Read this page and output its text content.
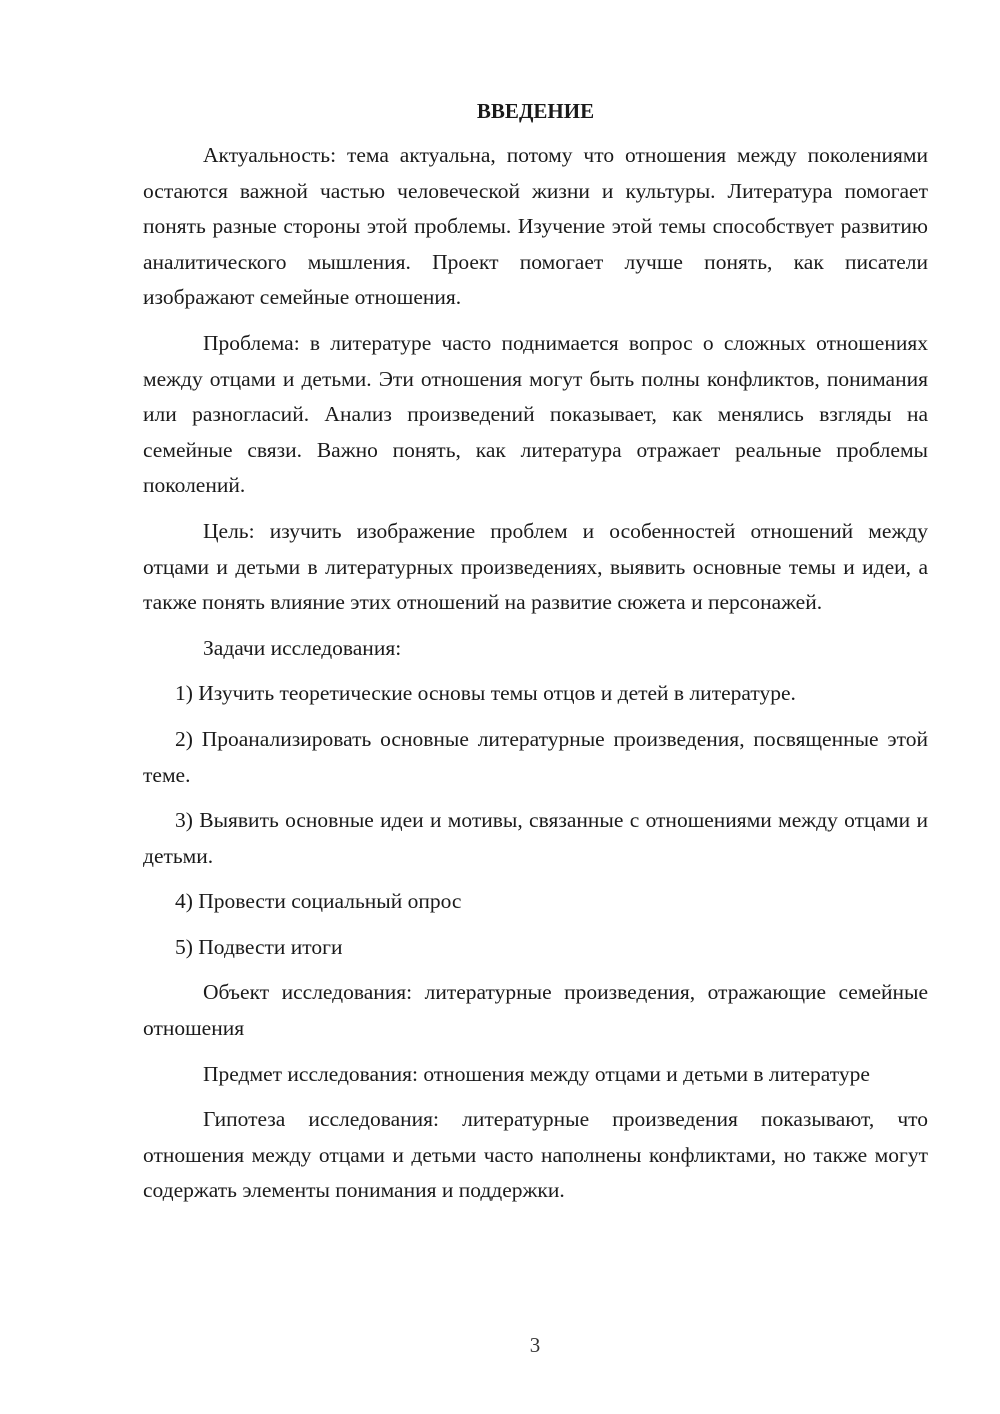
ВВЕДЕНИЕ

Актуальность: тема актуальна, потому что отношения между поколениями остаются важной частью человеческой жизни и культуры. Литература помогает понять разные стороны этой проблемы. Изучение этой темы способствует развитию аналитического мышления. Проект помогает лучше понять, как писатели изображают семейные отношения.

Проблема: в литературе часто поднимается вопрос о сложных отношениях между отцами и детьми. Эти отношения могут быть полны конфликтов, понимания или разногласий. Анализ произведений показывает, как менялись взгляды на семейные связи. Важно понять, как литература отражает реальные проблемы поколений.

Цель: изучить изображение проблем и особенностей отношений между отцами и детьми в литературных произведениях, выявить основные темы и идеи, а также понять влияние этих отношений на развитие сюжета и персонажей.

Задачи исследования:

1) Изучить теоретические основы темы отцов и детей в литературе.

2) Проанализировать основные литературные произведения, посвященные этой теме.

3) Выявить основные идеи и мотивы, связанные с отношениями между отцами и детьми.

4) Провести социальный опрос

5) Подвести итоги

Объект исследования: литературные произведения, отражающие семейные отношения

Предмет исследования: отношения между отцами и детьми в литературе

Гипотеза исследования: литературные произведения показывают, что отношения между отцами и детьми часто наполнены конфликтами, но также могут содержать элементы понимания и поддержки.

3
